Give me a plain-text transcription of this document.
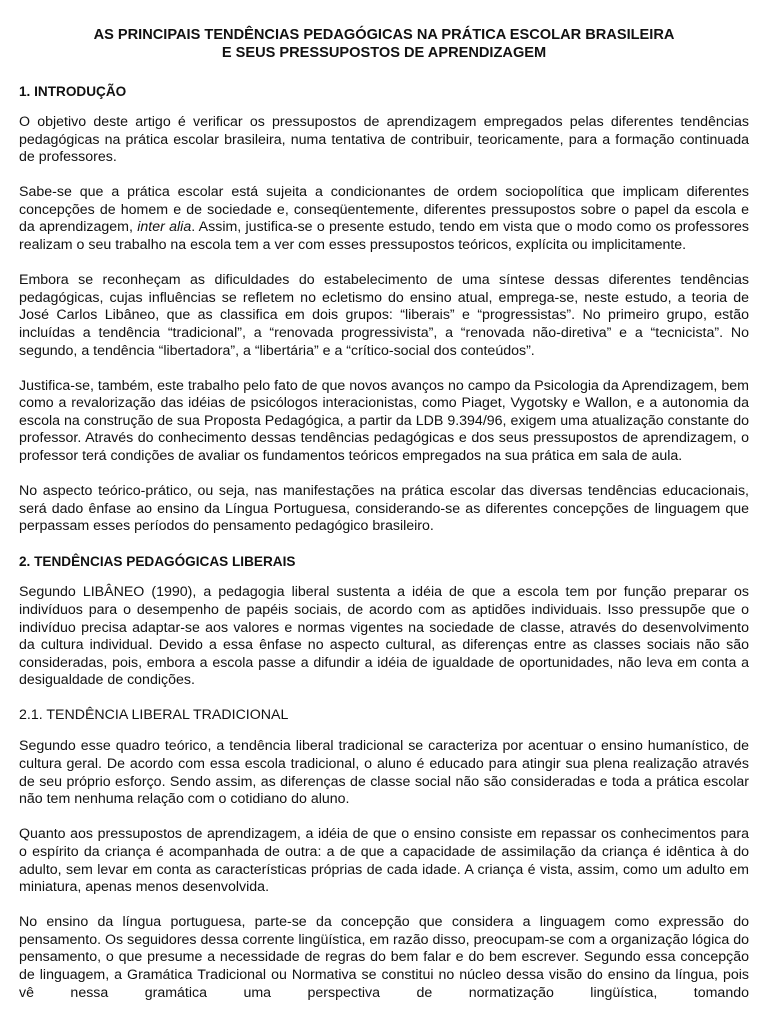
AS PRINCIPAIS TENDÊNCIAS PEDAGÓGICAS NA PRÁTICA ESCOLAR BRASILEIRA
E SEUS PRESSUPOSTOS DE APRENDIZAGEM
1. INTRODUÇÃO

O objetivo deste artigo é verificar os pressupostos de aprendizagem empregados pelas diferentes tendências pedagógicas na prática escolar brasileira, numa tentativa de contribuir, teoricamente, para a formação continuada de professores.

Sabe-se que a prática escolar está sujeita a condicionantes de ordem sociopolítica que implicam diferentes concepções de homem e de sociedade e, conseqüentemente, diferentes pressupostos sobre o papel da escola e da aprendizagem, inter alia. Assim, justifica-se o presente estudo, tendo em vista que o modo como os professores realizam o seu trabalho na escola tem a ver com esses pressupostos teóricos, explícita ou implicitamente.

Embora se reconheçam as dificuldades do estabelecimento de uma síntese dessas diferentes tendências pedagógicas, cujas influências se refletem no ecletismo do ensino atual, emprega-se, neste estudo, a teoria de José Carlos Libâneo, que as classifica em dois grupos: “liberais” e “progressistas”. No primeiro grupo, estão incluídas a tendência “tradicional”, a “renovada progressivista”, a “renovada não-diretiva” e a “tecnicista”. No segundo, a tendência “libertadora”, a “libertária” e a “crítico-social dos conteúdos”.

Justifica-se, também, este trabalho pelo fato de que novos avanços no campo da Psicologia da Aprendizagem, bem como a revalorização das idéias de psicólogos interacionistas, como Piaget, Vygotsky e Wallon, e a autonomia da escola na construção de sua Proposta Pedagógica, a partir da LDB 9.394/96, exigem uma atualização constante do professor. Através do conhecimento dessas tendências pedagógicas e dos seus pressupostos de aprendizagem, o professor terá condições de avaliar os fundamentos teóricos empregados na sua prática em sala de aula.

No aspecto teórico-prático, ou seja, nas manifestações na prática escolar das diversas tendências educacionais, será dado ênfase ao ensino da Língua Portuguesa, considerando-se as diferentes concepções de linguagem que perpassam esses períodos do pensamento pedagógico brasileiro.

2. TENDÊNCIAS PEDAGÓGICAS LIBERAIS

Segundo LIBÂNEO (1990), a pedagogia liberal sustenta a idéia de que a escola tem por função preparar os indivíduos para o desempenho de papéis sociais, de acordo com as aptidões individuais. Isso pressupõe que o indivíduo precisa adaptar-se aos valores e normas vigentes na sociedade de classe, através do desenvolvimento da cultura individual. Devido a essa ênfase no aspecto cultural, as diferenças entre as classes sociais não são consideradas, pois, embora a escola passe a difundir a idéia de igualdade de oportunidades, não leva em conta a desigualdade de condições.

2.1. TENDÊNCIA LIBERAL TRADICIONAL

Segundo esse quadro teórico, a tendência liberal tradicional se caracteriza por acentuar o ensino humanístico, de cultura geral. De acordo com essa escola tradicional, o aluno é educado para atingir sua plena realização através de seu próprio esforço. Sendo assim, as diferenças de classe social não são consideradas e toda a prática escolar não tem nenhuma relação com o cotidiano do aluno.

Quanto aos pressupostos de aprendizagem, a idéia de que o ensino consiste em repassar os conhecimentos para o espírito da criança é acompanhada de outra: a de que a capacidade de assimilação da criança é idêntica à do adulto, sem levar em conta as características próprias de cada idade. A criança é vista, assim, como um adulto em miniatura, apenas menos desenvolvida.

No ensino da língua portuguesa, parte-se da concepção que considera a linguagem como expressão do pensamento. Os seguidores dessa corrente lingüística, em razão disso, preocupam-se com a organização lógica do pensamento, o que presume a necessidade de regras do bem falar e do bem escrever. Segundo essa concepção de linguagem, a Gramática Tradicional ou Normativa se constitui no núcleo dessa visão do ensino da língua, pois vê nessa gramática uma perspectiva de normatização lingüística, tomando
